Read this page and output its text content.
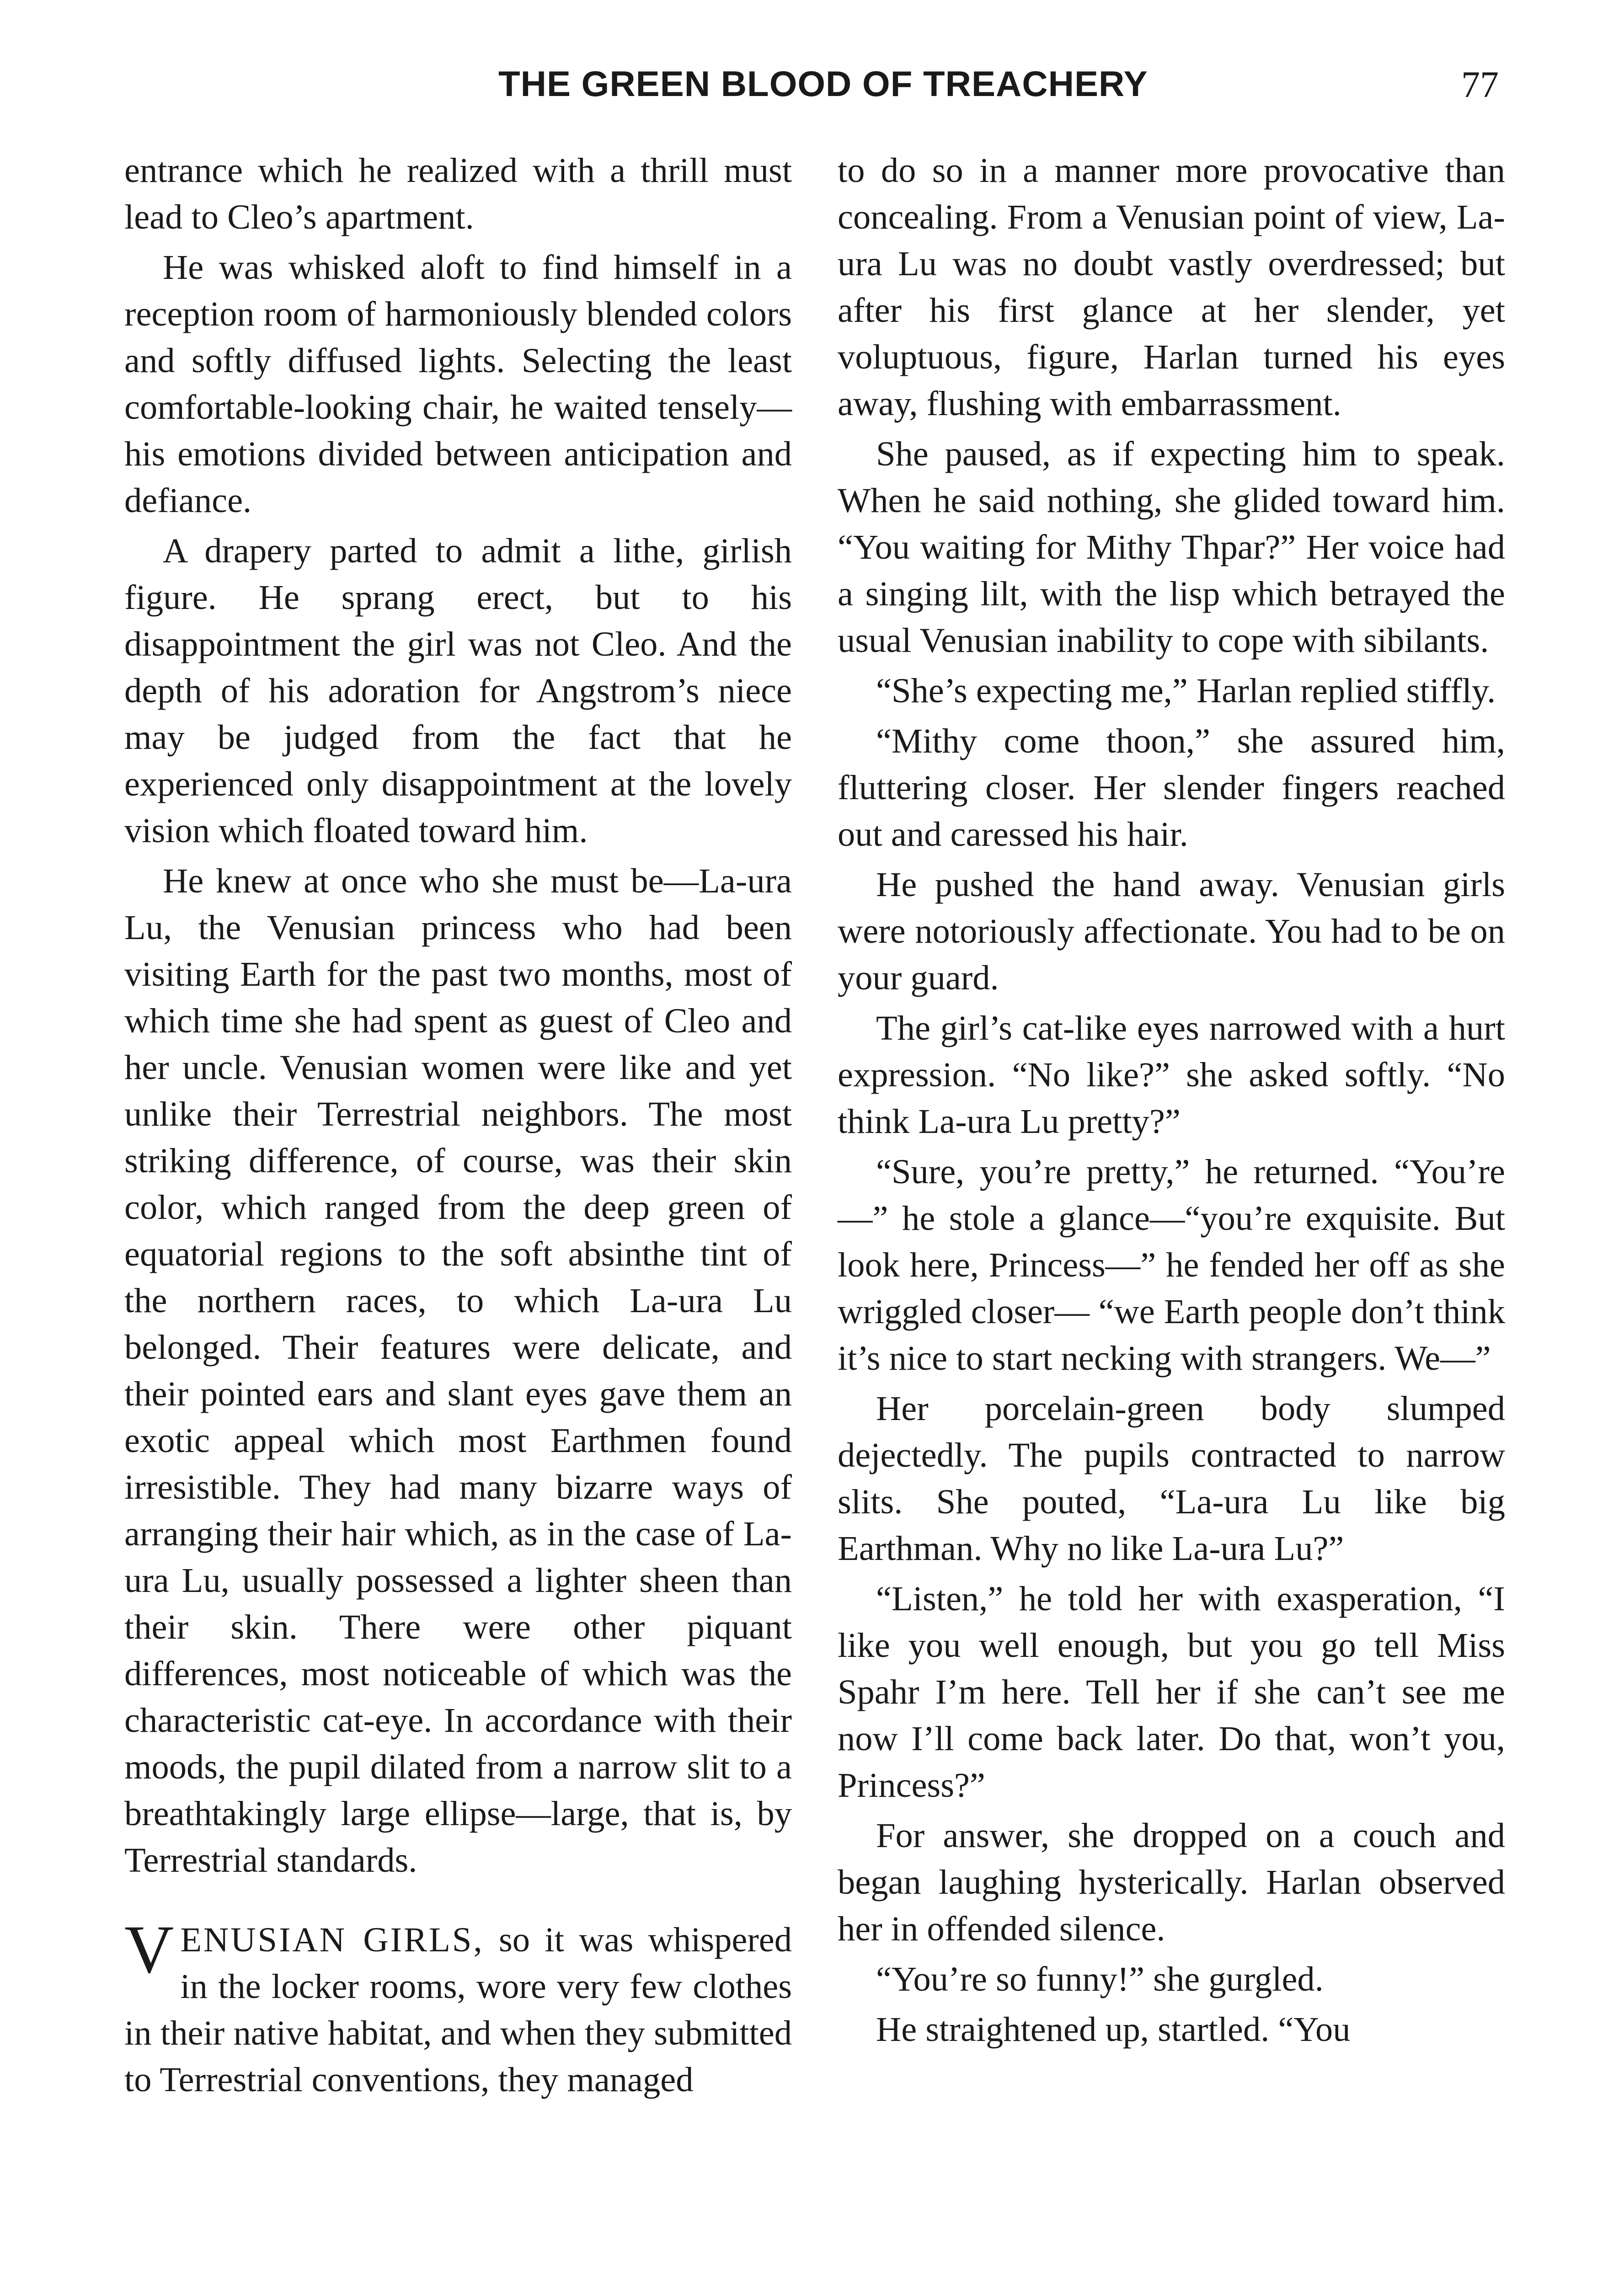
THE GREEN BLOOD OF TREACHERY	77

entrance which he realized with a thrill must lead to Cleo’s apartment.

He was whisked aloft to find himself in a reception room of harmoniously blended colors and softly diffused lights. Selecting the least comfortable-looking chair, he waited tensely—his emotions divided between anticipation and defiance.

A drapery parted to admit a lithe, girlish figure. He sprang erect, but to his disappointment the girl was not Cleo. And the depth of his adoration for Angstrom’s niece may be judged from the fact that he experienced only disappointment at the lovely vision which floated toward him.

He knew at once who she must be—La-ura Lu, the Venusian princess who had been visiting Earth for the past two months, most of which time she had spent as guest of Cleo and her uncle. Venusian women were like and yet unlike their Terrestrial neighbors. The most striking difference, of course, was their skin color, which ranged from the deep green of equatorial regions to the soft absinthe tint of the northern races, to which La-ura Lu belonged. Their features were delicate, and their pointed ears and slant eyes gave them an exotic appeal which most Earthmen found irresistible. They had many bizarre ways of arranging their hair which, as in the case of La-ura Lu, usually possessed a lighter sheen than their skin. There were other piquant differences, most noticeable of which was the characteristic cat-eye. In accordance with their moods, the pupil dilated from a narrow slit to a breathtakingly large ellipse—large, that is, by Terrestrial standards.

VENUSIAN GIRLS, so it was whispered in the locker rooms, wore very few clothes in their native habitat, and when they submitted to Terrestrial conventions, they managed

to do so in a manner more provocative than concealing. From a Venusian point of view, La-ura Lu was no doubt vastly overdressed; but after his first glance at her slender, yet voluptuous, figure, Harlan turned his eyes away, flushing with embarrassment.

She paused, as if expecting him to speak. When he said nothing, she glided toward him. “You waiting for Mithy Thpar?” Her voice had a singing lilt, with the lisp which betrayed the usual Venusian inability to cope with sibilants.

“She’s expecting me,” Harlan replied stiffly.

“Mithy come thoon,” she assured him, fluttering closer. Her slender fingers reached out and caressed his hair.

He pushed the hand away. Venusian girls were notoriously affectionate. You had to be on your guard.

The girl’s cat-like eyes narrowed with a hurt expression. “No like?” she asked softly. “No think La-ura Lu pretty?”

“Sure, you’re pretty,” he returned. “You’re—” he stole a glance—“you’re exquisite. But look here, Princess—” he fended her off as she wriggled closer— “we Earth people don’t think it’s nice to start necking with strangers. We—”

Her porcelain-green body slumped dejectedly. The pupils contracted to narrow slits. She pouted, “La-ura Lu like big Earthman. Why no like La-ura Lu?”

“Listen,” he told her with exasperation, “I like you well enough, but you go tell Miss Spahr I’m here. Tell her if she can’t see me now I’ll come back later. Do that, won’t you, Princess?”

For answer, she dropped on a couch and began laughing hysterically. Harlan observed her in offended silence.

“You’re so funny!” she gurgled.

He straightened up, startled. “You
